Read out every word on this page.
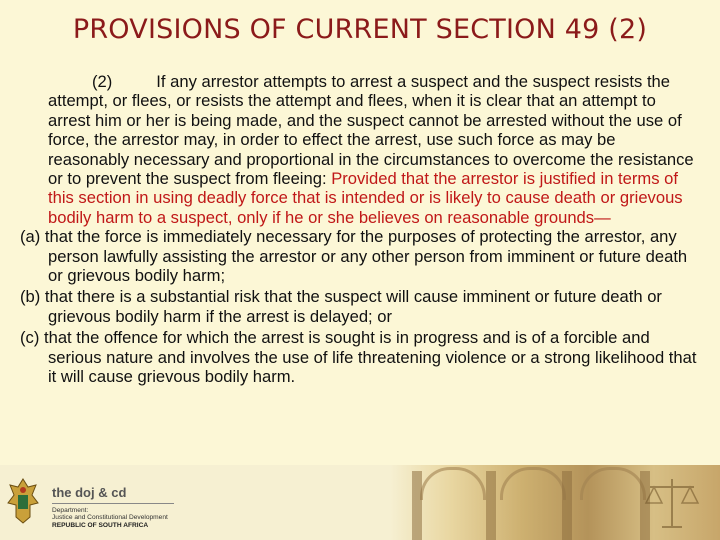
PROVISIONS OF CURRENT SECTION 49 (2)

(2)	If any arrestor attempts to arrest a suspect and the suspect resists the attempt, or flees, or resists the attempt and flees, when it is clear that an attempt to arrest him or her is being made, and the suspect cannot be arrested without the use of force, the arrestor may, in order to effect the arrest, use such force as may be reasonably necessary and proportional in the circumstances to overcome the resistance or to prevent the suspect from fleeing: Provided that the arrestor is justified in terms of this section in using deadly force that is intended or is likely to cause death or grievous bodily harm to a suspect, only if he or she believes on reasonable grounds—

(a) that the force is immediately necessary for the purposes of protecting the arrestor, any person lawfully assisting the arrestor or any other person from imminent or future death or grievous bodily harm;
(b) that there is a substantial risk that the suspect will cause imminent or future death or grievous bodily harm if the arrest is delayed; or
(c) that the offence for which the arrest is sought is in progress and is of a forcible and serious nature and involves the use of life threatening violence or a strong likelihood that it will cause grievous bodily harm.
the doj & cd
Department:
Justice and Constitutional Development
REPUBLIC OF SOUTH AFRICA
